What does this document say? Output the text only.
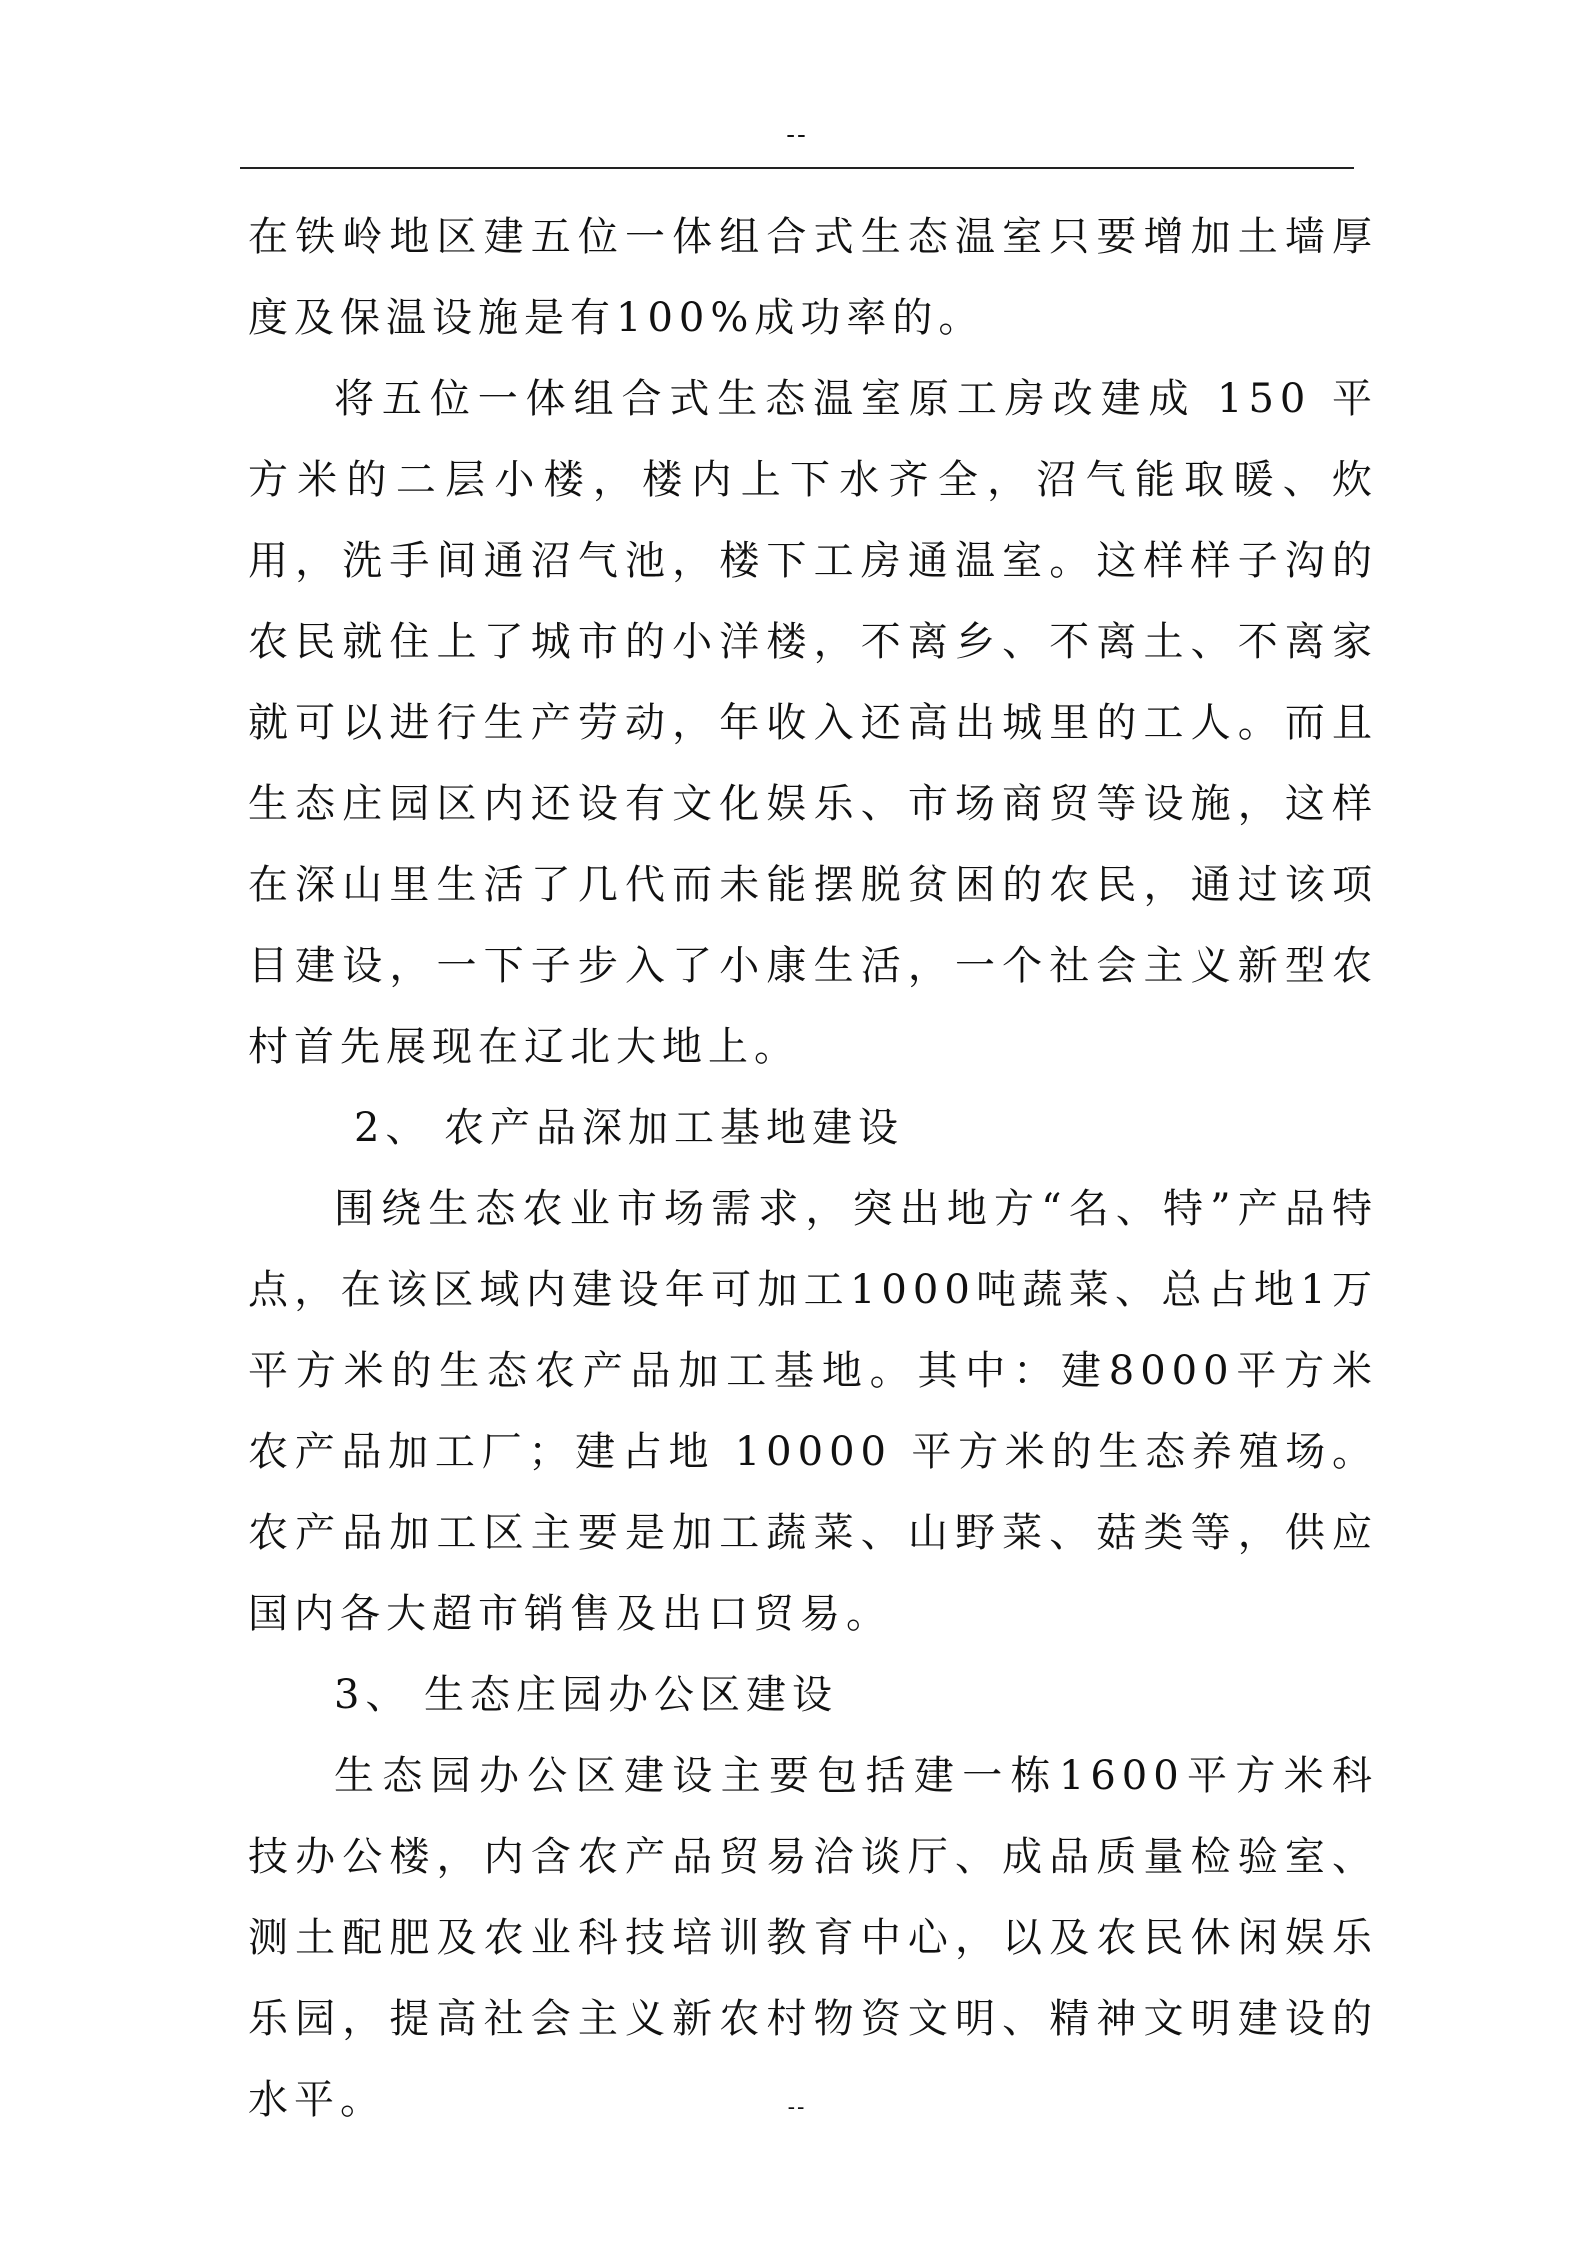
--

在铁岭地区建五位一体组合式生态温室只要增加土墙厚度及保温设施是有100%成功率的。

将五位一体组合式生态温室原工房改建成 150 平方米的二层小楼，楼内上下水齐全，沼气能取暖、炊用，洗手间通沼气池，楼下工房通温室。这样样子沟的农民就住上了城市的小洋楼，不离乡、不离土、不离家就可以进行生产劳动，年收入还高出城里的工人。而且生态庄园区内还设有文化娱乐、市场商贸等设施，这样在深山里生活了几代而未能摆脱贫困的农民，通过该项目建设，一下子步入了小康生活，一个社会主义新型农村首先展现在辽北大地上。

2、 农产品深加工基地建设

围绕生态农业市场需求，突出地方“名、特”产品特点，在该区域内建设年可加工1000吨蔬菜、总占地1万平方米的生态农产品加工基地。其中：建8000平方米农产品加工厂；建占地 10000 平方米的生态养殖场。农产品加工区主要是加工蔬菜、山野菜、菇类等，供应国内各大超市销售及出口贸易。

3、 生态庄园办公区建设

生态园办公区建设主要包括建一栋1600平方米科技办公楼，内含农产品贸易洽谈厅、成品质量检验室、测土配肥及农业科技培训教育中心，以及农民休闲娱乐乐园，提高社会主义新农村物资文明、精神文明建设的水平。	--
